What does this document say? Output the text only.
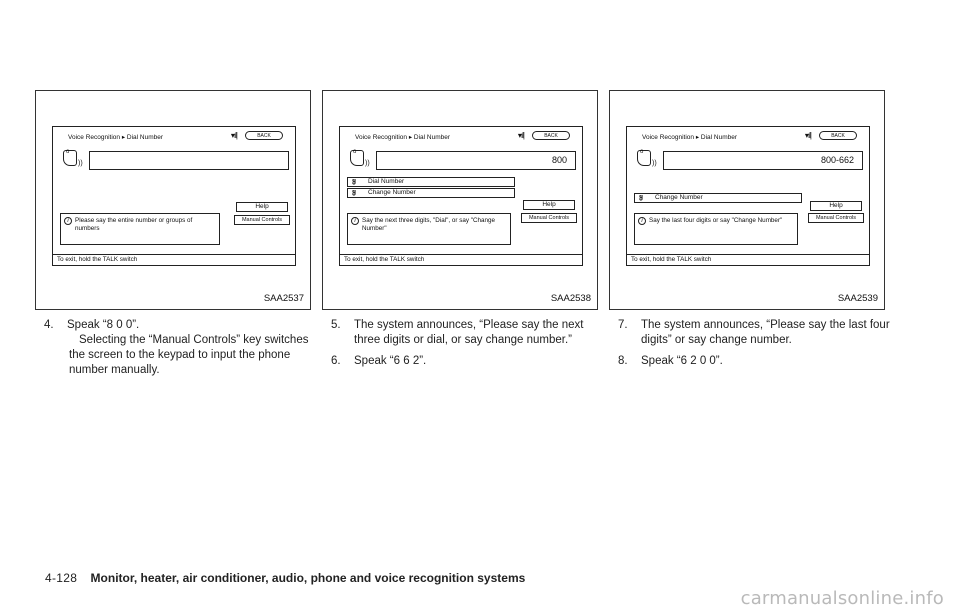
Voice Recognition ▸ Dial Number	▾ıl|	BACK
o
))
Help
i	Please say the entire number or groups of numbers
Manual Controls
To exit, hold the TALK switch
SAA2537
Voice Recognition ▸ Dial Number	▾ıl|	BACK
o
))	800
ყ Dial Number
ყ Change Number
Help
i	Say the next three digits, "Dial", or say "Change Number"
Manual Controls
To exit, hold the TALK switch
SAA2538
Voice Recognition ▸ Dial Number	▾ıl|	BACK
o
))	800-662
ყ Change Number
Help
i	Say the last four digits or say "Change Number"	Manual Controls
To exit, hold the TALK switch
SAA2539

4.	Speak “8 0 0”.

Selecting the “Manual Controls” key switches the screen to the keypad to input the phone number manually.

5.	The system announces, “Please say the next three digits or dial, or say change number.”

6.	Speak “6 6 2”.

7.	The system announces, “Please say the last four digits” or say change number.

8.	Speak “6 2 0 0”.

4-128 Monitor, heater, air conditioner, audio, phone and voice recognition systems
carmanualsonline.info
